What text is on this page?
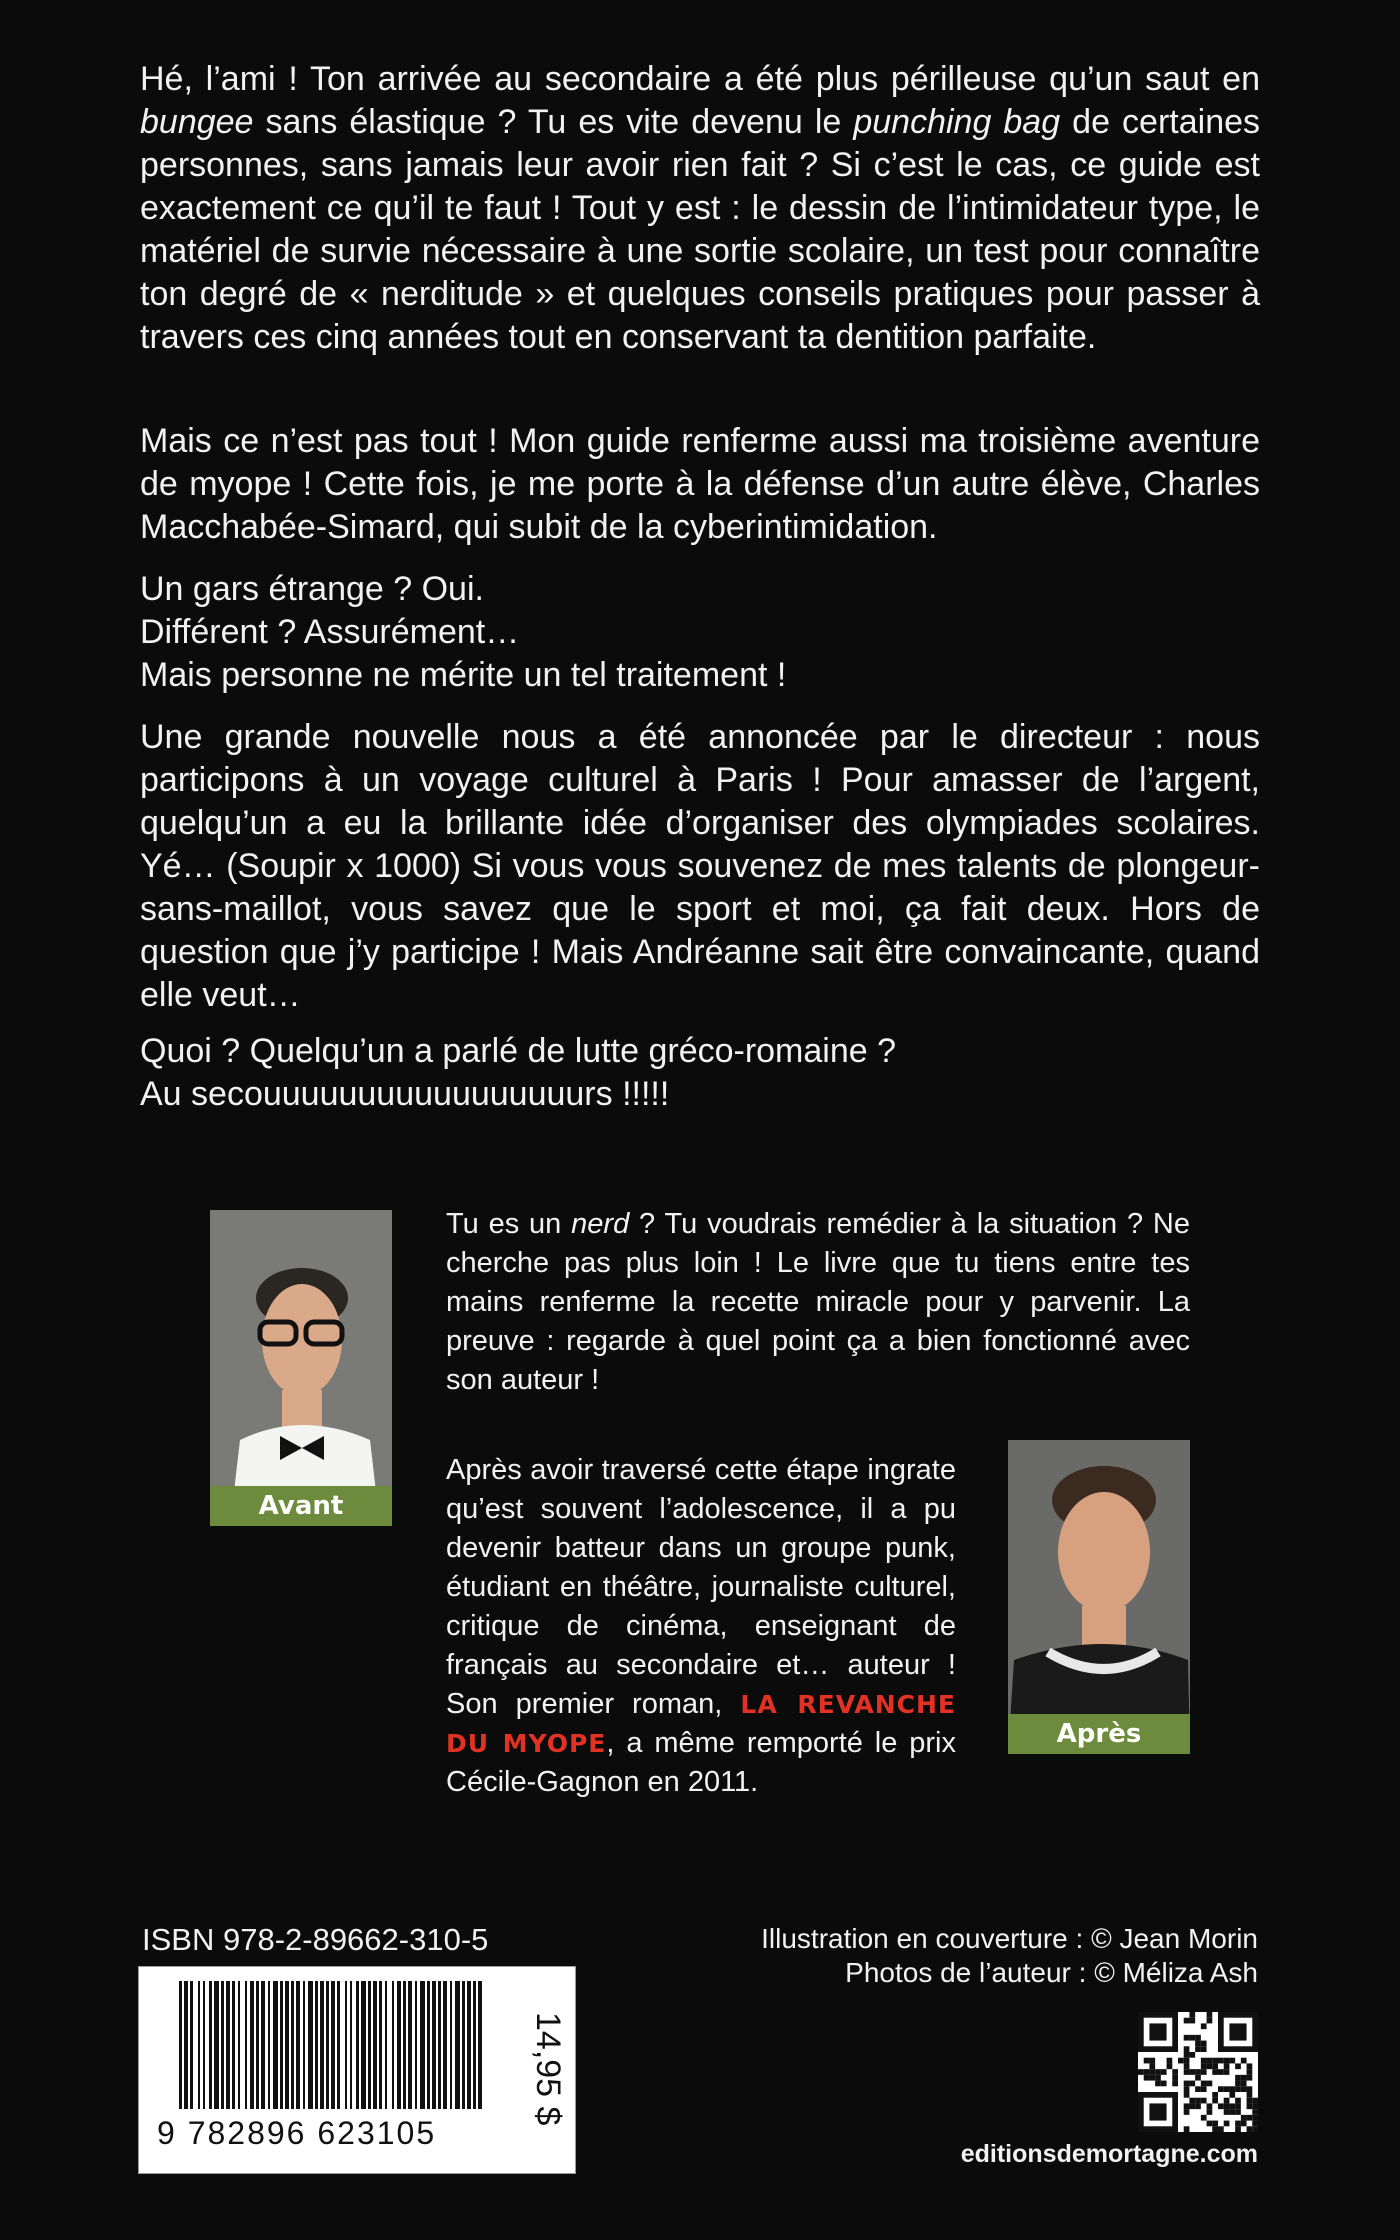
Hé, l’ami ! Ton arrivée au secondaire a été plus périlleuse qu’un saut en bungee sans élastique ? Tu es vite devenu le punching bag de certaines personnes, sans jamais leur avoir rien fait ? Si c’est le cas, ce guide est exactement ce qu’il te faut ! Tout y est : le dessin de l’intimidateur type, le matériel de survie nécessaire à une sortie scolaire, un test pour connaître ton degré de « nerditude » et quelques conseils pratiques pour passer à travers ces cinq années tout en conservant ta dentition parfaite.

Mais ce n’est pas tout ! Mon guide renferme aussi ma troisième aventure de myope ! Cette fois, je me porte à la défense d’un autre élève, Charles Macchabée-Simard, qui subit de la cyberintimidation.

Un gars étrange ? Oui.
Différent ? Assurément…
Mais personne ne mérite un tel traitement !

Une grande nouvelle nous a été annoncée par le directeur : nous participons à un voyage culturel à Paris ! Pour amasser de l’argent, quelqu’un a eu la brillante idée d’organiser des olympiades scolaires. Yé… (Soupir x 1000) Si vous vous souvenez de mes talents de plongeur-sans-maillot, vous savez que le sport et moi, ça fait deux. Hors de question que j’y participe ! Mais Andréanne sait être convaincante, quand elle veut…

Quoi ? Quelqu’un a parlé de lutte gréco-romaine ?
Au secouuuuuuuuuuuuuuuuurs !!!!!
Avant

Tu es un nerd ? Tu voudrais remédier à la situation ? Ne cherche pas plus loin ! Le livre que tu tiens entre tes mains renferme la recette miracle pour y parvenir. La preuve : regarde à quel point ça a bien fonctionné avec son auteur !

Après

Après avoir traversé cette étape ingrate qu’est souvent l’adolescence, il a pu devenir batteur dans un groupe punk, étudiant en théâtre, journaliste culturel, critique de cinéma, enseignant de français au secondaire et… auteur ! Son premier roman, LA REVANCHE DU MYOPE, a même remporté le prix Cécile-Gagnon en 2011.

ISBN 978-2-89662-310-5	Illustration en couverture : © Jean Morin
Photos de l’auteur : © Méliza Ash
9 782896 623105
14,95 $
editionsdemortagne.com
